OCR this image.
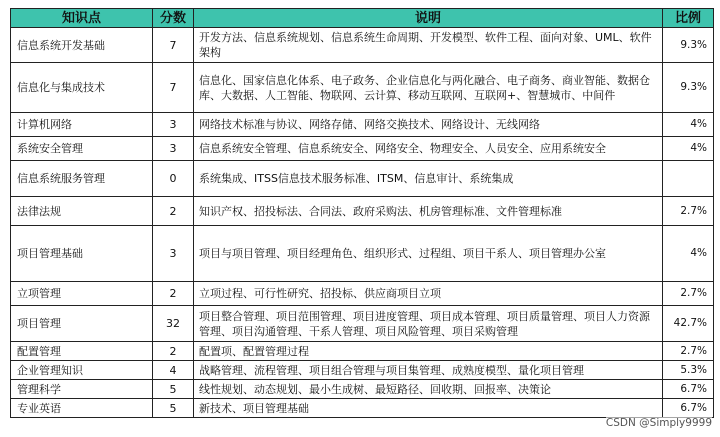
知识点	分数	说明	比例
信息系统开发基础	7	开发方法、信息系统规划、信息系统生命周期、开发模型、软件工程、面向对象、UML、软件架构	9.3%
信息化与集成技术	7	信息化、国家信息化体系、电子政务、企业信息化与两化融合、电子商务、商业智能、数据仓库、大数据、人工智能、物联网、云计算、移动互联网、互联网+、智慧城市、中间件	9.3%
计算机网络	3	网络技术标准与协议、网络存储、网络交换技术、网络设计、无线网络	4%
系统安全管理	3	信息系统安全管理、信息系统安全、网络安全、物理安全、人员安全、应用系统安全	4%
信息系统服务管理	0	系统集成、ITSS信息技术服务标准、ITSM、信息审计、系统集成	
法律法规	2	知识产权、招投标法、合同法、政府采购法、机房管理标准、文件管理标准	2.7%
项目管理基础	3	项目与项目管理、项目经理角色、组织形式、过程组、项目干系人、项目管理办公室	4%
立项管理	2	立项过程、可行性研究、招投标、供应商项目立项	2.7%
项目管理	32	项目整合管理、项目范围管理、项目进度管理、项目成本管理、项目质量管理、项目人力资源管理、项目沟通管理、干系人管理、项目风险管理、项目采购管理	42.7%
配置管理	2	配置项、配置管理过程	2.7%
企业管理知识	4	战略管理、流程管理、项目组合管理与项目集管理、成熟度模型、量化项目管理	5.3%
管理科学	5	线性规划、动态规划、最小生成树、最短路径、回收期、回报率、决策论	6.7%
专业英语	5	新技术、项目管理基础	6.7%
CSDN @Simply9999
